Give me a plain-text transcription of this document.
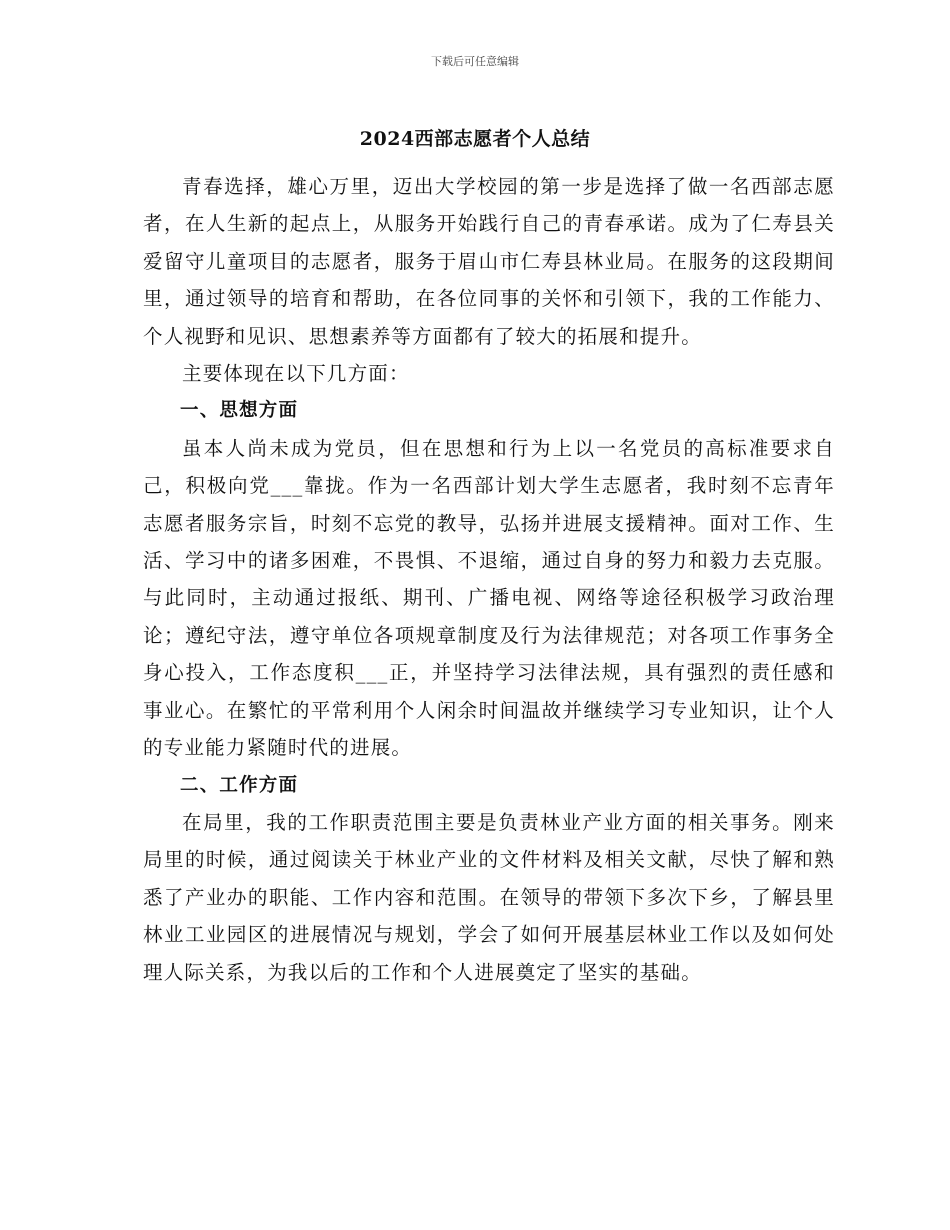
下载后可任意编辑
2024西部志愿者个人总结

青春选择，雄心万里，迈出大学校园的第一步是选择了做一名西部志愿者，在人生新的起点上，从服务开始践行自己的青春承诺。成为了仁寿县关爱留守儿童项目的志愿者，服务于眉山市仁寿县林业局。在服务的这段期间里，通过领导的培育和帮助，在各位同事的关怀和引领下，我的工作能力、个人视野和见识、思想素养等方面都有了较大的拓展和提升。

主要体现在以下几方面：

一、思想方面

虽本人尚未成为党员，但在思想和行为上以一名党员的高标准要求自己，积极向党___靠拢。作为一名西部计划大学生志愿者，我时刻不忘青年志愿者服务宗旨，时刻不忘党的教导，弘扬并进展支援精神。面对工作、生活、学习中的诸多困难，不畏惧、不退缩，通过自身的努力和毅力去克服。与此同时，主动通过报纸、期刊、广播电视、网络等途径积极学习政治理论；遵纪守法，遵守单位各项规章制度及行为法律规范；对各项工作事务全身心投入，工作态度积___正，并坚持学习法律法规，具有强烈的责任感和事业心。在繁忙的平常利用个人闲余时间温故并继续学习专业知识，让个人的专业能力紧随时代的进展。

二、工作方面

在局里，我的工作职责范围主要是负责林业产业方面的相关事务。刚来局里的时候，通过阅读关于林业产业的文件材料及相关文献，尽快了解和熟悉了产业办的职能、工作内容和范围。在领导的带领下多次下乡，了解县里林业工业园区的进展情况与规划，学会了如何开展基层林业工作以及如何处理人际关系，为我以后的工作和个人进展奠定了坚实的基础。
